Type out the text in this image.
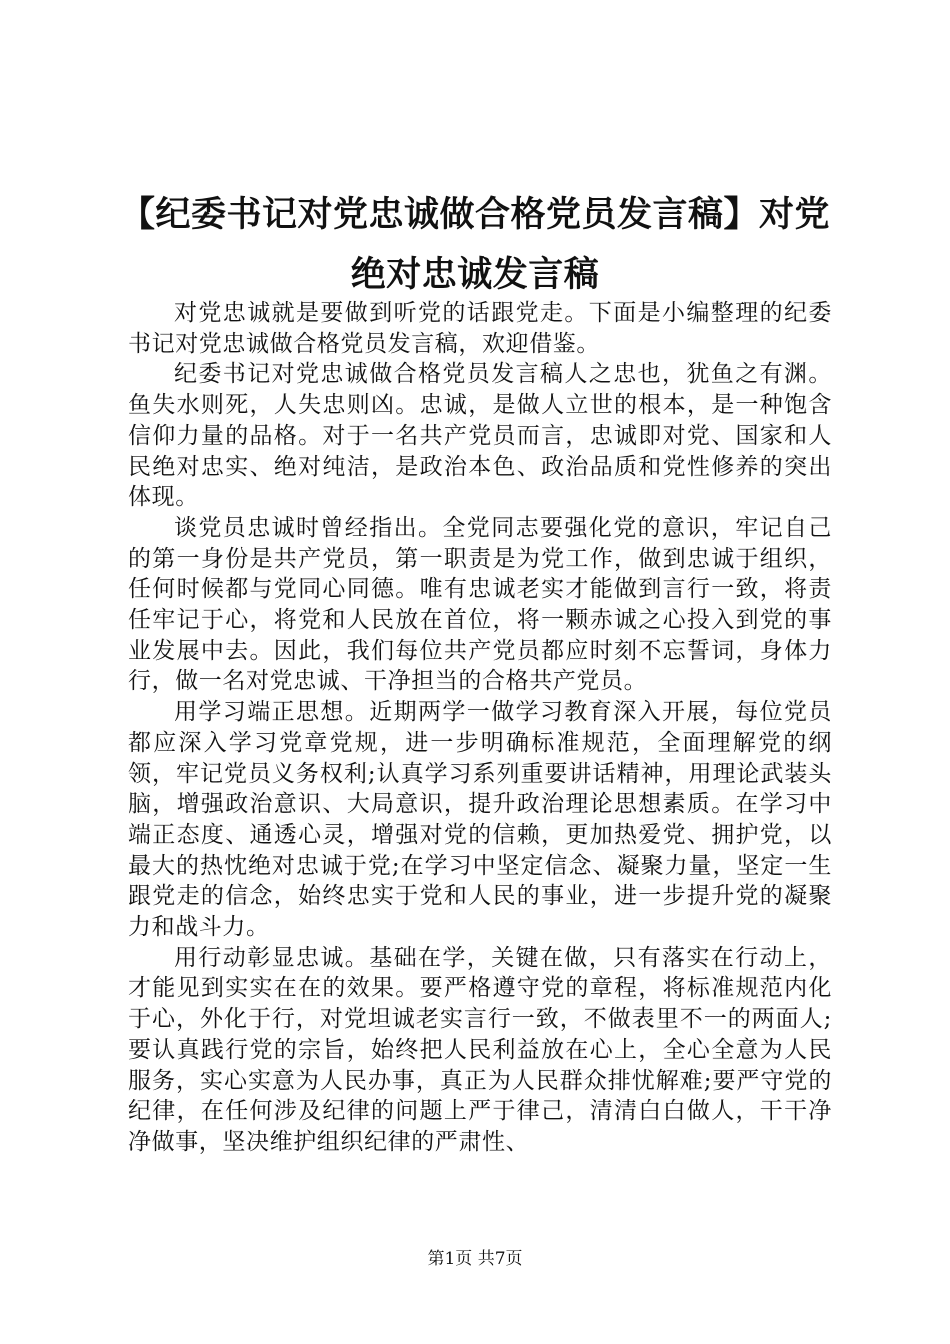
【纪委书记对党忠诚做合格党员发言稿】对党
绝对忠诚发言稿

对党忠诚就是要做到听党的话跟党走。下面是小编整理的纪委书记对党忠诚做合格党员发言稿，欢迎借鉴。

纪委书记对党忠诚做合格党员发言稿人之忠也，犹鱼之有渊。鱼失水则死，人失忠则凶。忠诚，是做人立世的根本，是一种饱含信仰力量的品格。对于一名共产党员而言，忠诚即对党、国家和人民绝对忠实、绝对纯洁，是政治本色、政治品质和党性修养的突出体现。

谈党员忠诚时曾经指出。全党同志要强化党的意识，牢记自己的第一身份是共产党员，第一职责是为党工作，做到忠诚于组织，任何时候都与党同心同德。唯有忠诚老实才能做到言行一致，将责任牢记于心，将党和人民放在首位，将一颗赤诚之心投入到党的事业发展中去。因此，我们每位共产党员都应时刻不忘誓词，身体力行，做一名对党忠诚、干净担当的合格共产党员。

用学习端正思想。近期两学一做学习教育深入开展，每位党员都应深入学习党章党规，进一步明确标准规范，全面理解党的纲领，牢记党员义务权利;认真学习系列重要讲话精神，用理论武装头脑，增强政治意识、大局意识，提升政治理论思想素质。在学习中端正态度、通透心灵，增强对党的信赖，更加热爱党、拥护党，以最大的热忱绝对忠诚于党;在学习中坚定信念、凝聚力量，坚定一生跟党走的信念，始终忠实于党和人民的事业，进一步提升党的凝聚力和战斗力。

用行动彰显忠诚。基础在学，关键在做，只有落实在行动上，才能见到实实在在的效果。要严格遵守党的章程，将标准规范内化于心，外化于行，对党坦诚老实言行一致，不做表里不一的两面人;要认真践行党的宗旨，始终把人民利益放在心上，全心全意为人民服务，实心实意为人民办事，真正为人民群众排忧解难;要严守党的纪律，在任何涉及纪律的问题上严于律己，清清白白做人，干干净净做事，坚决维护组织纪律的严肃性、

第1页 共7页
